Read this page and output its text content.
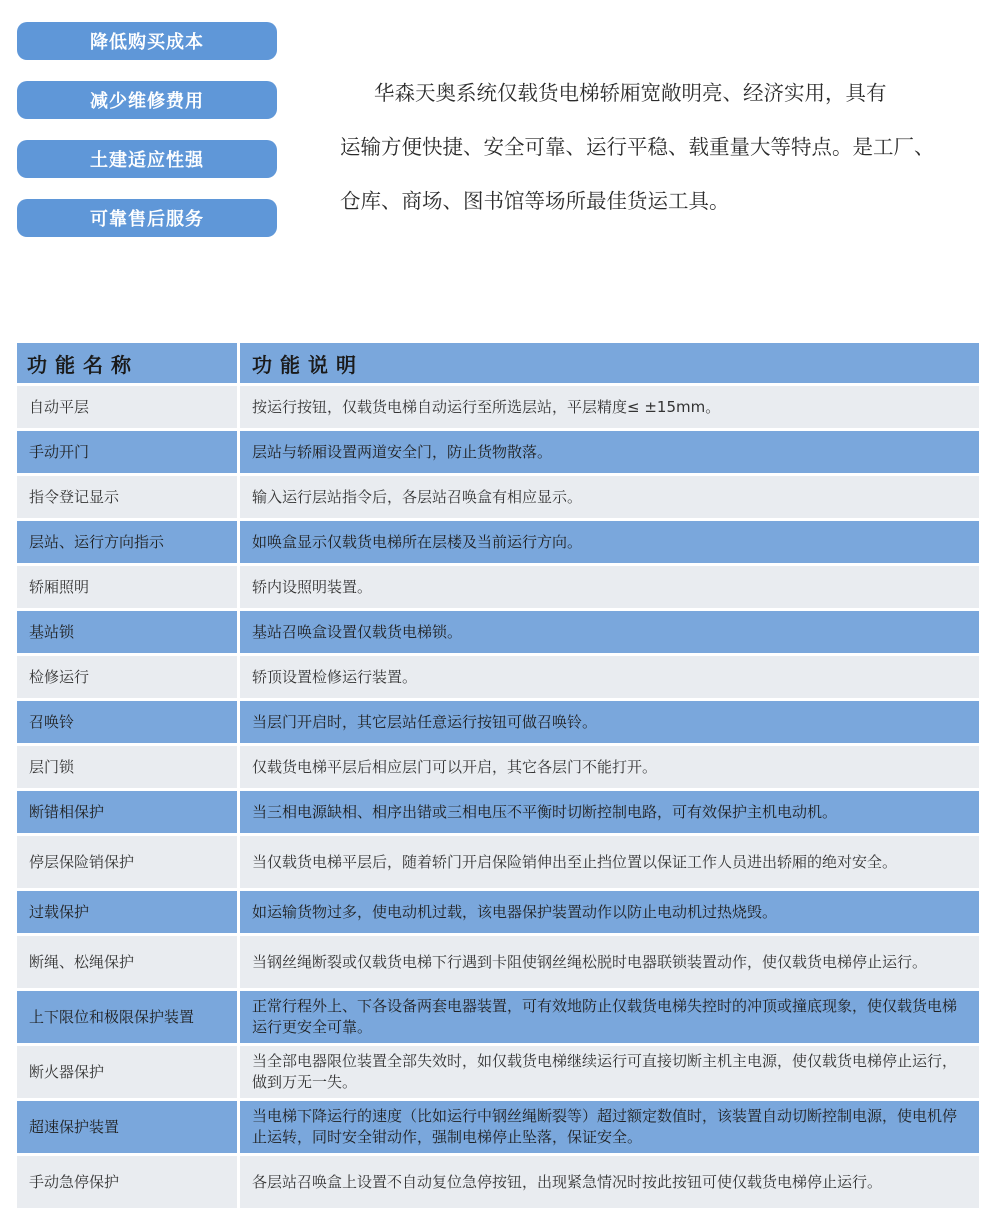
降低购买成本
减少维修费用
土建适应性强
可靠售后服务
华森天奥系统仅载货电梯轿厢宽敞明亮、经济实用，具有
运输方便快捷、安全可靠、运行平稳、载重量大等特点。是工厂、
仓库、商场、图书馆等场所最佳货运工具。
功能名称	功能说明
自动平层	按运行按钮，仅载货电梯自动运行至所选层站，平层精度≤ ±15mm。
手动开门	层站与轿厢设置两道安全门，防止货物散落。
指令登记显示	输入运行层站指令后，各层站召唤盒有相应显示。
层站、运行方向指示	如唤盒显示仅载货电梯所在层楼及当前运行方向。
轿厢照明	轿内设照明装置。
基站锁	基站召唤盒设置仅载货电梯锁。
检修运行	轿顶设置检修运行装置。
召唤铃	当层门开启时，其它层站任意运行按钮可做召唤铃。
层门锁	仅载货电梯平层后相应层门可以开启，其它各层门不能打开。
断错相保护	当三相电源缺相、相序出错或三相电压不平衡时切断控制电路，可有效保护主机电动机。
停层保险销保护	当仅载货电梯平层后，随着轿门开启保险销伸出至止挡位置以保证工作人员进出轿厢的绝对安全。
过载保护	如运输货物过多，使电动机过载，该电器保护装置动作以防止电动机过热烧毁。
断绳、松绳保护	当钢丝绳断裂或仅载货电梯下行遇到卡阻使钢丝绳松脱时电器联锁装置动作，使仅载货电梯停止运行。
上下限位和极限保护装置	正常行程外上、下各设备两套电器装置，可有效地防止仅载货电梯失控时的冲顶或撞底现象，使仅载货电梯运行更安全可靠。
断火器保护	当全部电器限位装置全部失效时，如仅载货电梯继续运行可直接切断主机主电源，使仅载货电梯停止运行，做到万无一失。
超速保护装置	当电梯下降运行的速度（比如运行中钢丝绳断裂等）超过额定数值时，该装置自动切断控制电源，使电机停止运转，同时安全钳动作，强制电梯停止坠落，保证安全。
手动急停保护	各层站召唤盒上设置不自动复位急停按钮，出现紧急情况时按此按钮可使仅载货电梯停止运行。
